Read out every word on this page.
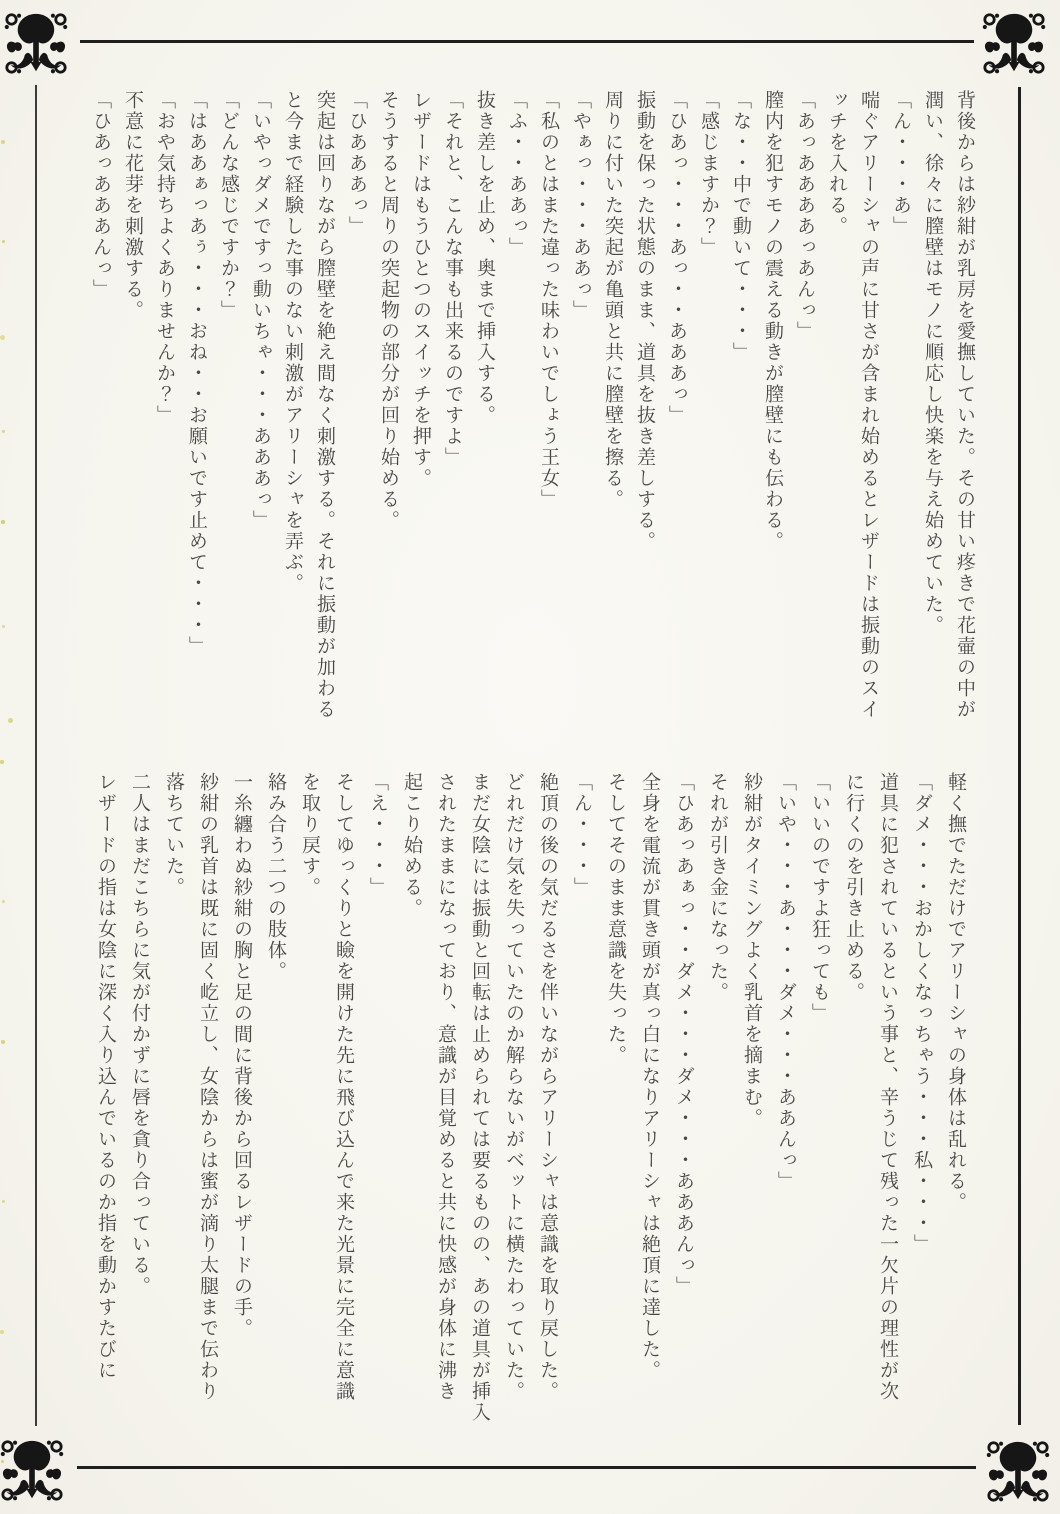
背後からは紗紺が乳房を愛撫していた。その甘い疼きで花壷の中が

潤い、徐々に膣壁はモノに順応し快楽を与え始めていた。

「ん・・・あ」

喘ぐアリーシャの声に甘さが含まれ始めるとレザードは振動のスイ

ッチを入れる。

「あっああああっあんっ」

膣内を犯すモノの震える動きが膣壁にも伝わる。

「な・・中で動いて・・・」

「感じますか？」

「ひあっ・・・あっ・・あああっ」

振動を保った状態のまま、道具を抜き差しする。

周りに付いた突起が亀頭と共に膣壁を擦る。

「やぁっ・・・ああっ」

「私のとはまた違った味わいでしょう王女」

「ふ・・ああっ」

抜き差しを止め、奥まで挿入する。

「それと、こんな事も出来るのですよ」

レザードはもうひとつのスイッチを押す。

そうすると周りの突起物の部分が回り始める。

「ひあああっ」

突起は回りながら膣壁を絶え間なく刺激する。それに振動が加わる

と今まで経験した事のない刺激がアリーシャを弄ぶ。

「いやっダメですっ動いちゃ・・・あああっ」

「どんな感じですか？」

「はああぁっあぅ・・・おね・・お願いです止めて・・・」

「おや気持ちよくありませんか？」

不意に花芽を刺激する。

「ひあっあああんっ」

軽く撫でただけでアリーシャの身体は乱れる。

「ダメ・・・おかしくなっちゃう・・・私・・・」

道具に犯されているという事と、辛うじて残った一欠片の理性が次

に行くのを引き止める。

「いいのですよ狂っても」

「いや・・・あ・・・ダメ・・・ああんっ」

紗紺がタイミングよく乳首を摘まむ。

それが引き金になった。

「ひあっあぁっ・・ダメ・・・ダメ・・・あああんっ」

全身を電流が貫き頭が真っ白になりアリーシャは絶頂に達した。

そしてそのまま意識を失った。

「ん・・・」

絶頂の後の気だるさを伴いながらアリーシャは意識を取り戻した。

どれだけ気を失っていたのか解らないがベットに横たわっていた。

まだ女陰には振動と回転は止められては要るものの、あの道具が挿入

されたままになっており、意識が目覚めると共に快感が身体に沸き

起こり始める。

「え・・・」

そしてゆっくりと瞼を開けた先に飛び込んで来た光景に完全に意識

を取り戻す。

絡み合う二つの肢体。

一糸纏わぬ紗紺の胸と足の間に背後から回るレザードの手。

紗紺の乳首は既に固く屹立し、女陰からは蜜が滴り太腿まで伝わり

落ちていた。

二人はまだこちらに気が付かずに唇を貪り合っている。

レザードの指は女陰に深く入り込んでいるのか指を動かすたびに
